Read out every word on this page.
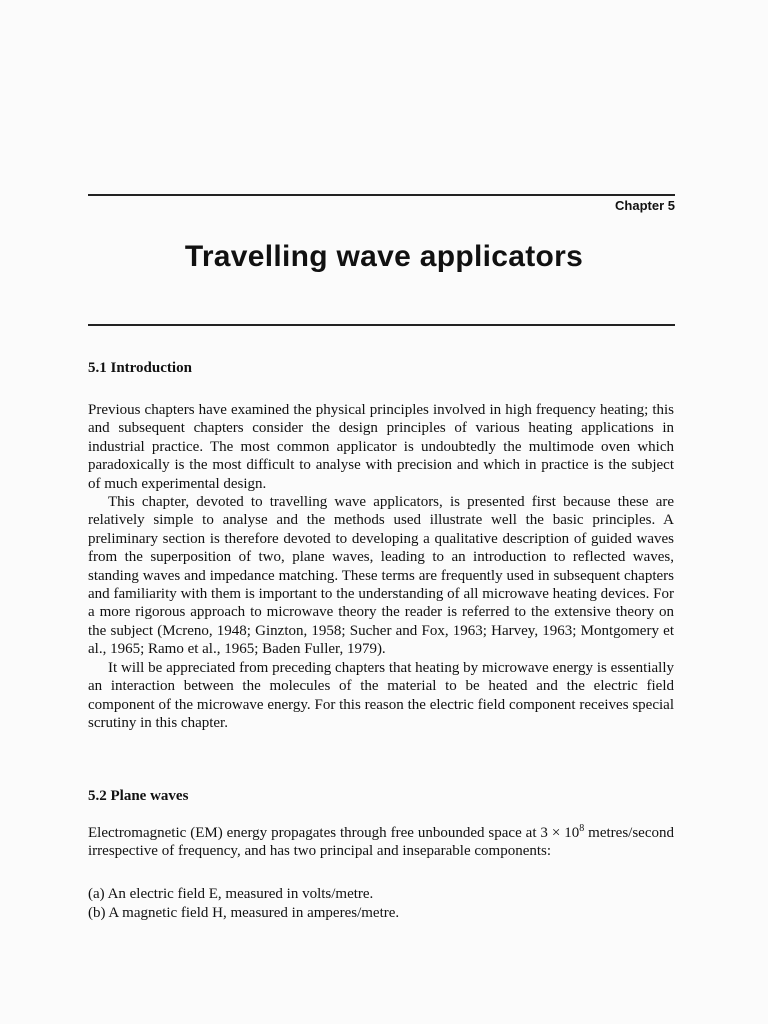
Chapter 5
Travelling wave applicators
5.1 Introduction

Previous chapters have examined the physical principles involved in high frequency heating; this and subsequent chapters consider the design principles of various heating applications in industrial practice. The most common applicator is undoubtedly the multimode oven which paradoxically is the most difficult to analyse with precision and which in practice is the subject of much experimental design.

This chapter, devoted to travelling wave applicators, is presented first because these are relatively simple to analyse and the methods used illustrate well the basic principles. A preliminary section is therefore devoted to developing a qualitative description of guided waves from the superposition of two, plane waves, leading to an introduction to reflected waves, standing waves and impedance matching. These terms are frequently used in subsequent chapters and familiarity with them is important to the understanding of all microwave heating devices. For a more rigorous approach to microwave theory the reader is referred to the extensive theory on the subject (Mcreno, 1948; Ginzton, 1958; Sucher and Fox, 1963; Harvey, 1963; Montgomery et al., 1965; Ramo et al., 1965; Baden Fuller, 1979).

It will be appreciated from preceding chapters that heating by microwave energy is essentially an interaction between the molecules of the material to be heated and the electric field component of the microwave energy. For this reason the electric field component receives special scrutiny in this chapter.

5.2 Plane waves

Electromagnetic (EM) energy propagates through free unbounded space at $3 \times 10^8$ metres/second irrespective of frequency, and has two principal and inseparable components:

(a) An electric field E, measured in volts/metre.

(b) A magnetic field H, measured in amperes/metre.
